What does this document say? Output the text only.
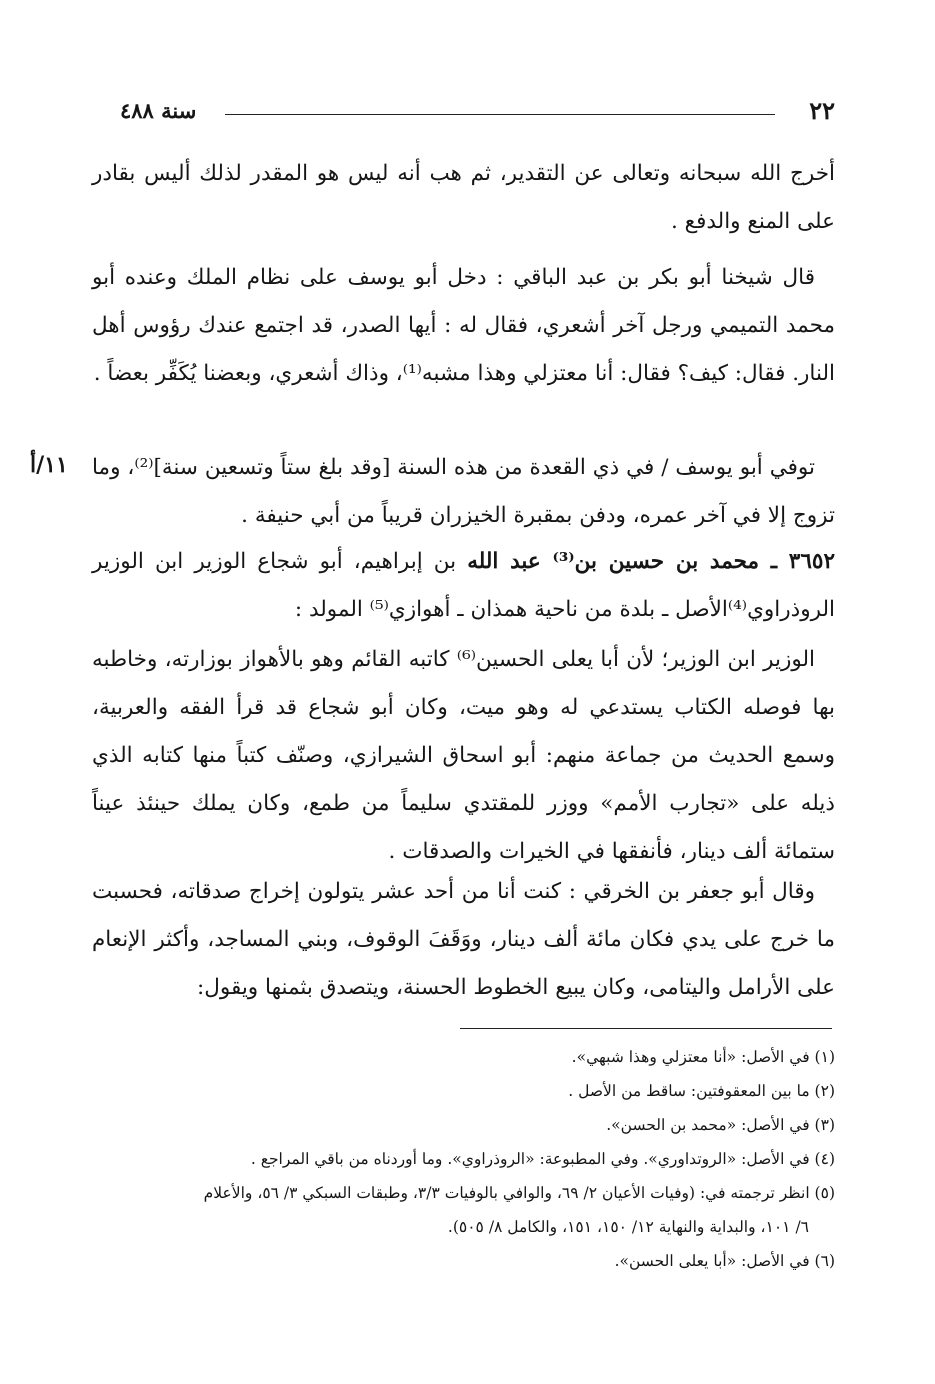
٢٢
سنة ٤٨٨
١١/أ

أخرج الله سبحانه وتعالى عن التقدير، ثم هب أنه ليس هو المقدر لذلك أليس بقادر على المنع والدفع .

قال شيخنا أبو بكر بن عبد الباقي : دخل أبو يوسف على نظام الملك وعنده أبو محمد التميمي ورجل آخر أشعري، فقال له : أيها الصدر، قد اجتمع عندك رؤوس أهل النار. فقال: كيف؟ فقال: أنا معتزلي وهذا مشبه⁽¹⁾، وذاك أشعري، وبعضنا يُكَفِّر بعضاً .

توفي أبو يوسف / في ذي القعدة من هذه السنة [وقد بلغ ستاً وتسعين سنة]⁽²⁾، وما تزوج إلا في آخر عمره، ودفن بمقبرة الخيزران قريباً من أبي حنيفة .

٣٦٥٢ ـ محمد بن حسين بن⁽³⁾ عبد الله بن إبراهيم، أبو شجاع الوزير ابن الوزير الروذراوي⁽⁴⁾الأصل ـ بلدة من ناحية همذان ـ أهوازي⁽⁵⁾ المولد :

الوزير ابن الوزير؛ لأن أبا يعلى الحسين⁽⁶⁾ كاتبه القائم وهو بالأهواز بوزارته، وخاطبه بها فوصله الكتاب يستدعي له وهو ميت، وكان أبو شجاع قد قرأ الفقه والعربية، وسمع الحديث من جماعة منهم: أبو اسحاق الشيرازي، وصنّف كتباً منها كتابه الذي ذيله على «تجارب الأمم» ووزر للمقتدي سليماً من طمع، وكان يملك حينئذ عيناً ستمائة ألف دينار، فأنفقها في الخيرات والصدقات .

وقال أبو جعفر بن الخرقي : كنت أنا من أحد عشر يتولون إخراج صدقاته، فحسبت ما خرج على يدي فكان مائة ألف دينار، ووَقَفَ الوقوف، وبني المساجد، وأكثر الإنعام على الأرامل واليتامى، وكان يبيع الخطوط الحسنة، ويتصدق بثمنها ويقول:

(١) في الأصل: «أنا معتزلي وهذا شبهي».

(٢) ما بين المعقوفتين: ساقط من الأصل .

(٣) في الأصل: «محمد بن الحسن».

(٤) في الأصل: «الروتداوري». وفي المطبوعة: «الروذراوي». وما أوردناه من باقي المراجع .

(٥) انظر ترجمته في: (وفيات الأعيان ٢/ ٦٩، والوافي بالوفيات ٣/٣، وطبقات السبكي ٣/ ٥٦، والأعلام

٦/ ١٠١، والبداية والنهاية ١٢/ ١٥٠، ١٥١، والكامل ٨/ ٥٠٥).

(٦) في الأصل: «أبا يعلى الحسن».
